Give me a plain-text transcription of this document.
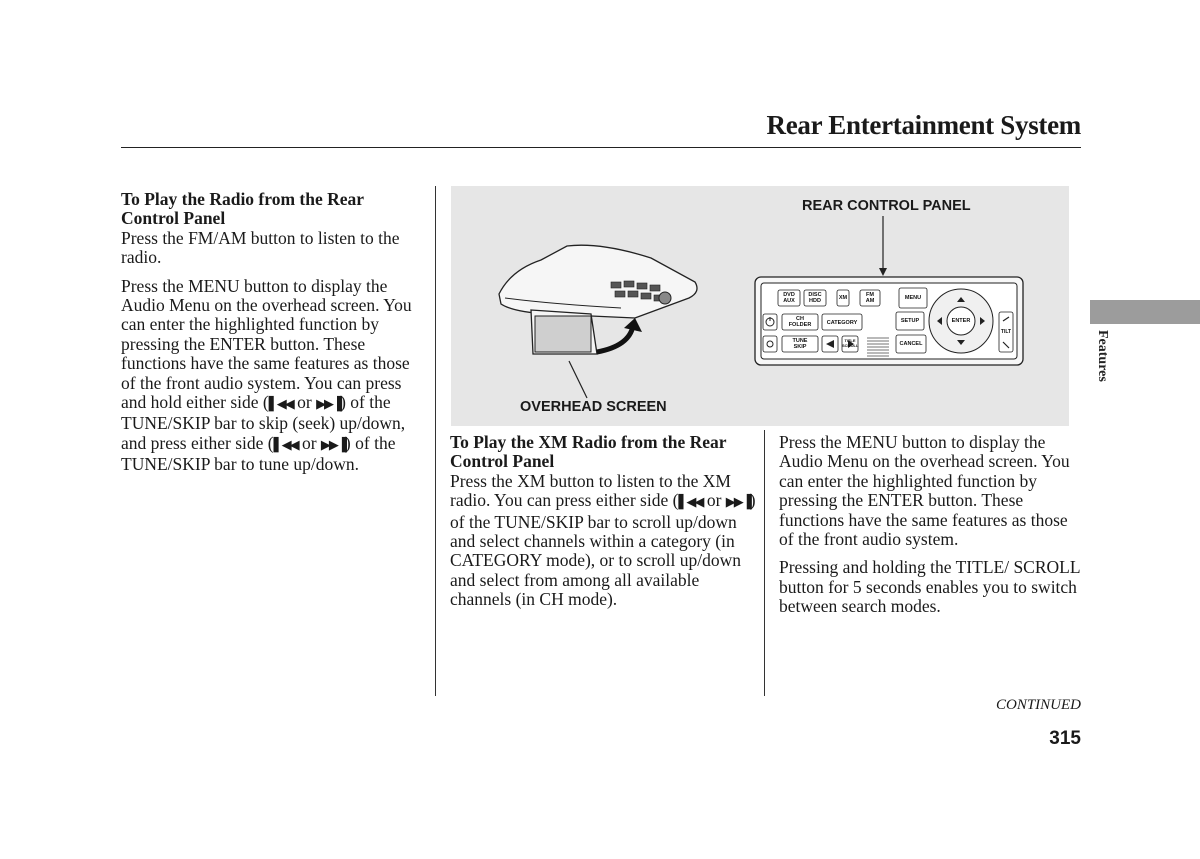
Rear Entertainment System
To Play the Radio from the Rear Control Panel

Press the FM/AM button to listen to the radio.

Press the MENU button to display the Audio Menu on the overhead screen. You can enter the highlighted function by pressing the ENTER button. These functions have the same features as those of the front audio system. You can press and hold either side (▌◀◀ or ▶▶▐) of the TUNE/SKIP bar to skip (seek) up/down, and press either side (▌◀◀ or ▶▶▐) of the TUNE/SKIP bar to tune up/down.

DVD
AUX
DISC
HDD	XM	FM
AM	MENU
CH
FOLDER	CATEGORY	SETUP
TUNE
SKIP
TITLE
SCROLL	CANCEL
ENTER
TILT
REAR CONTROL PANEL
OVERHEAD SCREEN
To Play the XM Radio from the Rear Control Panel

Press the XM button to listen to the XM radio. You can press either side (▌◀◀ or ▶▶▐) of the TUNE/SKIP bar to scroll up/down and select channels within a category (in CATEGORY mode), or to scroll up/down and select from among all available channels (in CH mode).

Press the MENU button to display the Audio Menu on the overhead screen. You can enter the highlighted function by pressing the ENTER button. These functions have the same features as those of the front audio system.

Pressing and holding the TITLE/ SCROLL button for 5 seconds enables you to switch between search modes.

Features
CONTINUED
315
